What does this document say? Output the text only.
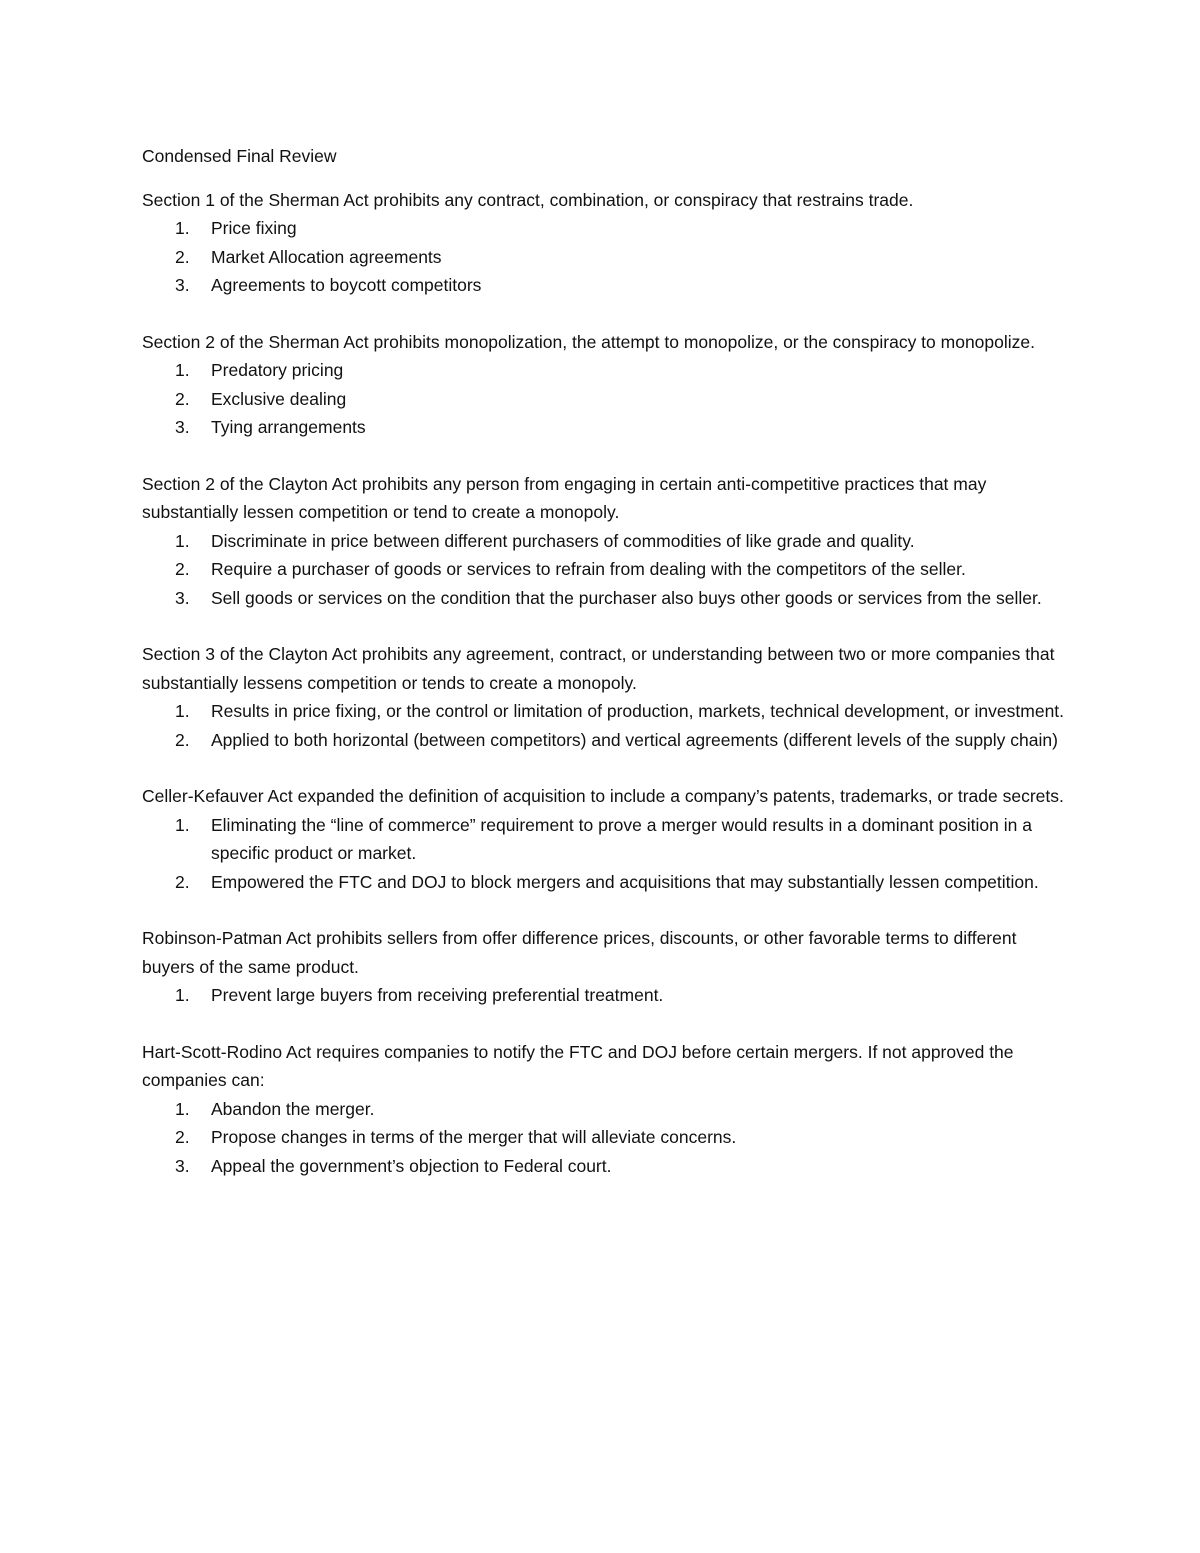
Condensed Final Review

Section 1 of the Sherman Act prohibits any contract, combination, or conspiracy that restrains trade.

1. Price fixing
2. Market Allocation agreements
3. Agreements to boycott competitors

Section 2 of the Sherman Act prohibits monopolization, the attempt to monopolize, or the conspiracy to monopolize.

1. Predatory pricing
2. Exclusive dealing
3. Tying arrangements

Section 2 of the Clayton Act prohibits any person from engaging in certain anti-competitive practices that may substantially lessen competition or tend to create a monopoly.

1. Discriminate in price between different purchasers of commodities of like grade and quality.
2. Require a purchaser of goods or services to refrain from dealing with the competitors of the seller.
3. Sell goods or services on the condition that the purchaser also buys other goods or services from the seller.

Section 3 of the Clayton Act prohibits any agreement, contract, or understanding between two or more companies that substantially lessens competition or tends to create a monopoly.

1. Results in price fixing, or the control or limitation of production, markets, technical development, or investment.
2. Applied to both horizontal (between competitors) and vertical agreements (different levels of the supply chain)

Celler-Kefauver Act expanded the definition of acquisition to include a company’s patents, trademarks, or trade secrets.

1. Eliminating the “line of commerce” requirement to prove a merger would results in a dominant position in a specific product or market.
2. Empowered the FTC and DOJ to block mergers and acquisitions that may substantially lessen competition.

Robinson-Patman Act prohibits sellers from offer difference prices, discounts, or other favorable terms to different buyers of the same product.

1. Prevent large buyers from receiving preferential treatment.

Hart-Scott-Rodino Act requires companies to notify the FTC and DOJ before certain mergers. If not approved the companies can:

1. Abandon the merger.
2. Propose changes in terms of the merger that will alleviate concerns.
3. Appeal the government’s objection to Federal court.
